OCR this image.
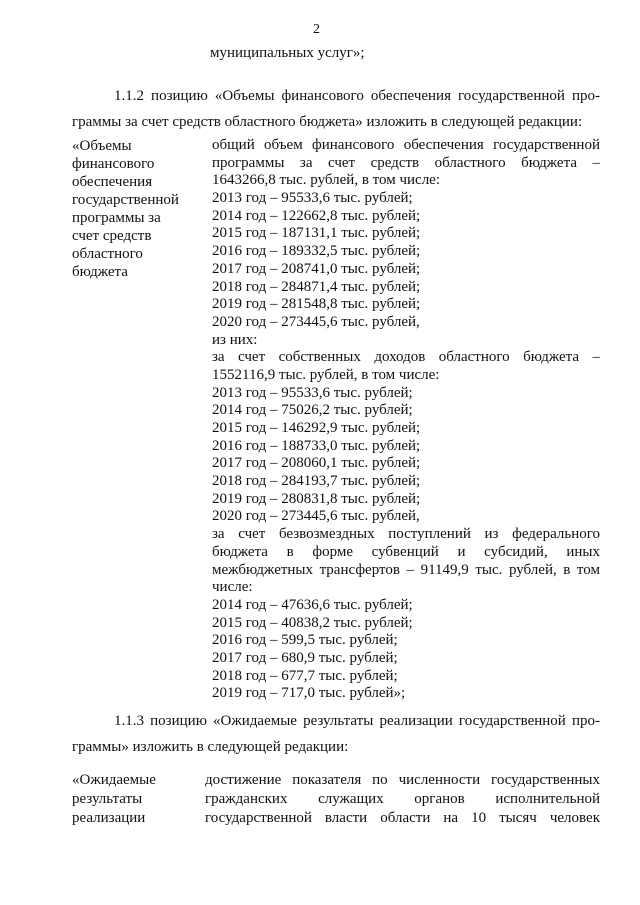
2
муниципальных услуг»;
1.1.2 позицию «Объемы финансового обеспечения государственной про-
граммы за счет средств областного бюджета» изложить в следующей редакции:
«Объемы
финансового
обеспечения
государственной
программы за
счет средств
областного
бюджета
общий объем финансового обеспечения государственной
программы за счет средств областного бюджета –
1643266,8 тыс. рублей, в том числе:
2013 год – 95533,6 тыс. рублей;
2014 год – 122662,8 тыс. рублей;
2015 год – 187131,1 тыс. рублей;
2016 год – 189332,5 тыс. рублей;
2017 год – 208741,0 тыс. рублей;
2018 год – 284871,4 тыс. рублей;
2019 год – 281548,8 тыс. рублей;
2020 год – 273445,6 тыс. рублей,
из них:
за счет собственных доходов областного бюджета –
1552116,9 тыс. рублей, в том числе:
2013 год – 95533,6 тыс. рублей;
2014 год – 75026,2 тыс. рублей;
2015 год – 146292,9 тыс. рублей;
2016 год – 188733,0 тыс. рублей;
2017 год – 208060,1 тыс. рублей;
2018 год – 284193,7 тыс. рублей;
2019 год – 280831,8 тыс. рублей;
2020 год – 273445,6 тыс. рублей,
за счет безвозмездных поступлений из федерального
бюджета в форме субвенций и субсидий, иных
межбюджетных трансфертов – 91149,9 тыс. рублей, в том
числе:
2014 год – 47636,6 тыс. рублей;
2015 год – 40838,2 тыс. рублей;
2016 год – 599,5 тыс. рублей;
2017 год – 680,9 тыс. рублей;
2018 год – 677,7 тыс. рублей;
2019 год – 717,0 тыс. рублей»;
1.1.3 позицию «Ожидаемые результаты реализации государственной про-
граммы» изложить в следующей редакции:
«Ожидаемые
результаты
реализации
достижение показателя по численности государственных
гражданских служащих органов исполнительной
государственной власти области на 10 тысяч человек
